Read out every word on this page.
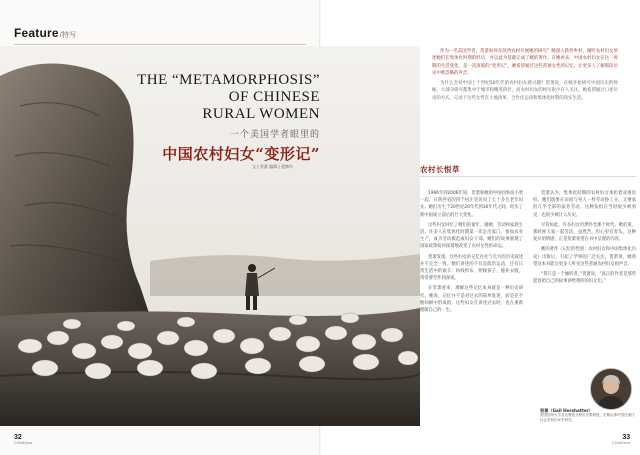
Feature/特写
THE “METAMORPHOSIS”
OF CHINESE
RURAL WOMEN
一个美国学者眼里的
中国农村妇女“变形记”
文 | 贺萧 编辑 | 裴博尔

作为一名美国学者，贺萧如何在陕西农村开展她的研究？她深入陕西乡村，倾听农村妇女讲述她们在集体化时期的经历，并以此为基础完成了她的著作。在她看来，中国农村妇女在这一时期的生活变化，是一次深刻的“变形记”。她希望通过这些普通女性的记忆，让更多人了解那段历史中被忽略的声音。

为什么会对中国上个世纪50年代的农村妇女感兴趣？贺萧说，在她开始研究中国历史的时候，大部分研究都集中于城市和精英阶层，而农村妇女的经历很少有人关注。她希望通过口述历史的方式，记录下这些女性在土地改革、合作化运动和集体化时期的真实生活。

农村长恨草

1996年到2006年间，贺萧和她的中国同事高小贤一起，在陕西省的四个村庄里访问了七十多位老年妇女。她们出生于20世纪20年代到30年代之间，经历了新中国成立前后的巨大变化。

这些妇女回忆了她们的童年、婚姻、劳动和家庭生活。许多人在集体化时期第一次走出家门，参加农业生产，成为劳动模范或妇女干部。她们的故事展现了国家政策如何深刻地改变了农村女性的命运。

贺萧发现，这些妇女的记忆往往与官方的历史叙述并不完全一致。她们讲述的不仅是政治运动，还有日常生活中的艰辛：纺线织布、照顾孩子、缝补衣服，常常要劳作到深夜。

在贺萧看来，理解这些记忆本身就是一种历史研究。她说，记忆并不是对过去的简单复述，而是在不断回顾中形成的。这些妇女在讲述过去时，也在重新理解自己的一生。

贺萧认为，集体化时期的农村妇女承担着双重负担。她们既要在田间与男人一样劳动挣工分，又要承担几乎全部的家务劳动。这种负担在当时很少被看见，也很少被计入历史。

尽管如此，许多妇女仍然怀念那个时代。她们说，那时候大家一起劳动，虽然苦，但心里有奔头。这种复杂的情感，正是贺萧希望在书中呈现的内容。

她的著作《记忆的性别：农村妇女和中国集体化历史》出版后，引起了学界的广泛关注。贺萧说，她希望这本书能让更多人听见这些普通农村妇女的声音。

“我只是一个倾听者，”贺萧说，“真正的作者是那些愿意把自己的故事讲给我听的妇女们。”

贺萧（Gail Hershatter）
美国加州大学圣克鲁兹分校历史系教授，长期从事中国近现代社会史和妇女史研究。
32
ChinAfrica
33
ChinAfrica
